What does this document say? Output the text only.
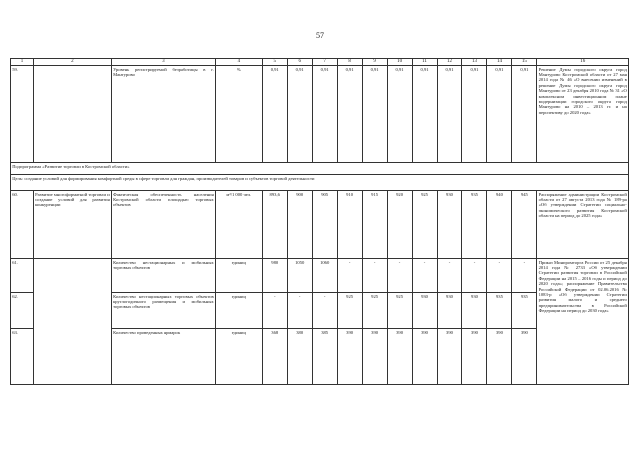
57
1	2	3	4	5	6	7	8	9	10	11	12	13	14	15	16
59.		Уровень регистрируемой безработицы в г. Мантурово	%	0,91	0,91	0,91	0,91	0,91	0,91	0,91	0,91	0,91	0,91	0,91	Решение Думы городского округа город Мантурово Костромской области от 27 мая 2014 года № 46 «О внесении изменений в решение Думы городского округа город Мантурово от 23 декабря 2010 года № 31 «О комплексном инвестиционном плане модернизации городского округа город Мантурово на 2010 – 2013 гг. и на перспективу до 2020 года»
Подпрограмма «Развитие торговли в Костромской области»															
Цель: создание условий для формирования комфортной среды в сфере торговли для граждан, производителей товаров и субъектов торговой деятельности															
60.	Развитие многоформатной торговли и создание условий для развития конкуренции	Фактическая обеспеченность населения Костромской области площадью торговых объектов	м²/1 000 чел.	893,6	900	905	910	915	920	925	930	935	940	945	Распоряжение администрации Костромской области от 27 августа 2013 года № 189-ра «Об утверждении Стратегии социально-экономического развития Костромской области на период до 2025 года»
61.		Количество нестационарных и мобильных торговых объектов	единиц	980	1050	1060	-	-	-	-	-	-	-	-	Приказ Минпромторга России от 25 декабря 2014 года № 2733 «Об утверждении Стратегии развития торговли в Российской Федерации на 2015 – 2016 годы и период до 2020 года»; распоряжение Правительства Российской Федерации от 02.06.2016 № 1083-р «Об утверждении Стратегии развития малого и среднего предпринимательства в Российской Федерации на период до 2030 года»
62.		Количество нестационарных торговых объектов круглогодичного размещения и мобильных торговых объектов	единиц	-	-	-	925	925	925	930	930	930	935	935	
63.		Количество проведенных ярмарок	единиц	368	380	385	390	390	390	390	390	390	390	390	
